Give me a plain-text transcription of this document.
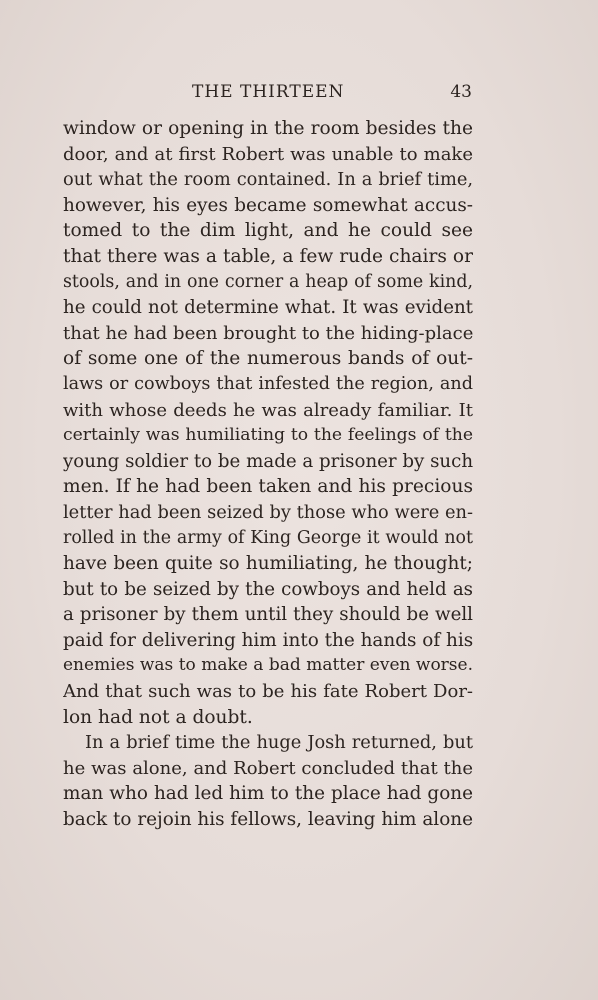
THE THIRTEEN	43
window or opening in the room besides the
door, and at first Robert was unable to make
out what the room contained. In a brief time,
however, his eyes became somewhat accus-
tomed to the dim light, and he could see
that there was a table, a few rude chairs or
stools, and in one corner a heap of some kind,
he could not determine what. It was evident
that he had been brought to the hiding-place
of some one of the numerous bands of out-
laws or cowboys that infested the region, and
with whose deeds he was already familiar. It
certainly was humiliating to the feelings of the
young soldier to be made a prisoner by such
men. If he had been taken and his precious
letter had been seized by those who were en-
rolled in the army of King George it would not
have been quite so humiliating, he thought;
but to be seized by the cowboys and held as
a prisoner by them until they should be well
paid for delivering him into the hands of his
enemies was to make a bad matter even worse.
And that such was to be his fate Robert Dor-
lon had not a doubt.
In a brief time the huge Josh returned, but
he was alone, and Robert concluded that the
man who had led him to the place had gone
back to rejoin his fellows, leaving him alone
